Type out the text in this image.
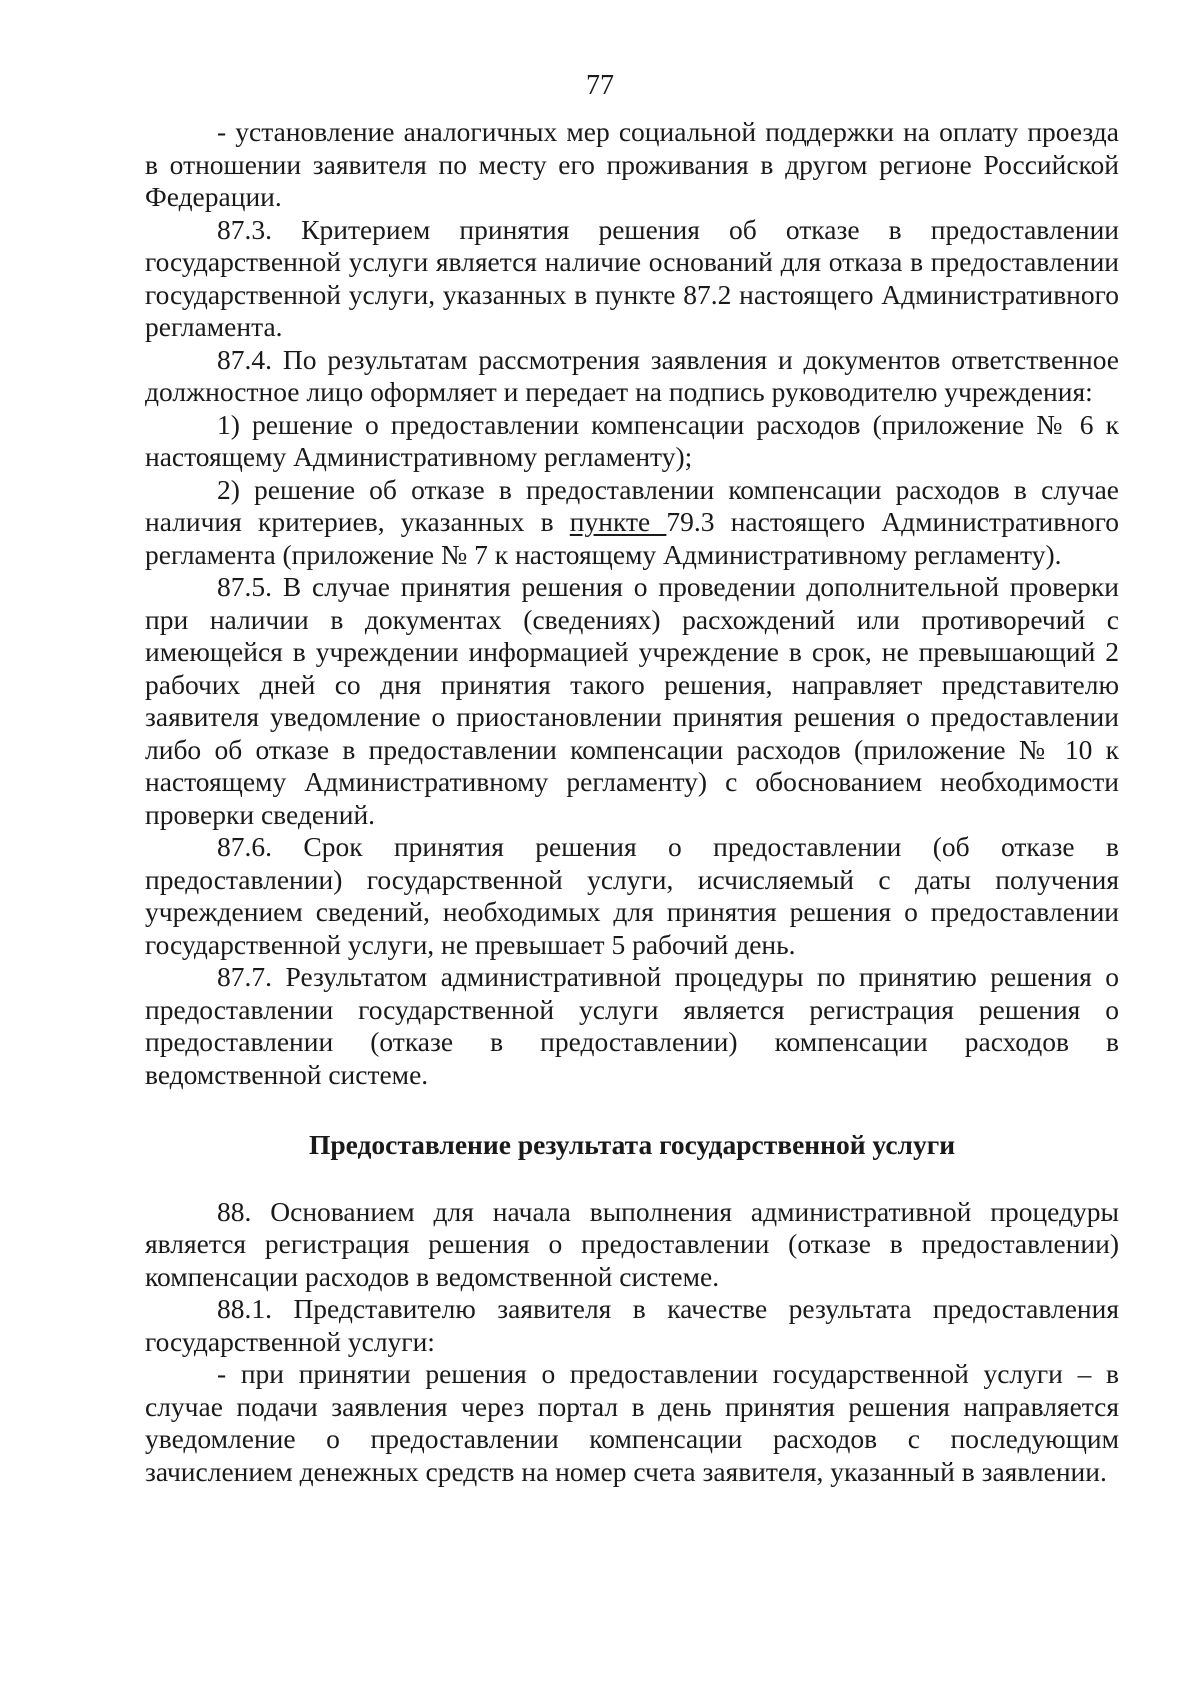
77

- установление аналогичных мер социальной поддержки на оплату проезда в отношении заявителя по месту его проживания в другом регионе Российской Федерации.

87.3. Критерием принятия решения об отказе в предоставлении государственной услуги является наличие оснований для отказа в предоставлении государственной услуги, указанных в пункте 87.2 настоящего Административного регламента.

87.4. По результатам рассмотрения заявления и документов ответственное должностное лицо оформляет и передает на подпись руководителю учреждения:

1) решение о предоставлении компенсации расходов (приложение № 6 к настоящему Административному регламенту);

2) решение об отказе в предоставлении компенсации расходов в случае наличия критериев, указанных в пункте 79.3 настоящего Административного регламента (приложение № 7 к настоящему Административному регламенту).

87.5. В случае принятия решения о проведении дополнительной проверки при наличии в документах (сведениях) расхождений или противоречий с имеющейся в учреждении информацией учреждение в срок, не превышающий 2 рабочих дней со дня принятия такого решения, направляет представителю заявителя уведомление о приостановлении принятия решения о предоставлении либо об отказе в предоставлении компенсации расходов (приложение № 10 к настоящему Административному регламенту) с обоснованием необходимости проверки сведений.

87.6. Срок принятия решения о предоставлении (об отказе в предоставлении) государственной услуги, исчисляемый с даты получения учреждением сведений, необходимых для принятия решения о предоставлении государственной услуги, не превышает 5 рабочий день.

87.7. Результатом административной процедуры по принятию решения о предоставлении государственной услуги является регистрация решения о предоставлении (отказе в предоставлении) компенсации расходов в ведомственной системе.

Предоставление результата государственной услуги

88. Основанием для начала выполнения административной процедуры является регистрация решения о предоставлении (отказе в предоставлении) компенсации расходов в ведомственной системе.

88.1. Представителю заявителя в качестве результата предоставления государственной услуги:

- при принятии решения о предоставлении государственной услуги – в случае подачи заявления через портал в день принятия решения направляется уведомление о предоставлении компенсации расходов с последующим зачислением денежных средств на номер счета заявителя, указанный в заявлении.
